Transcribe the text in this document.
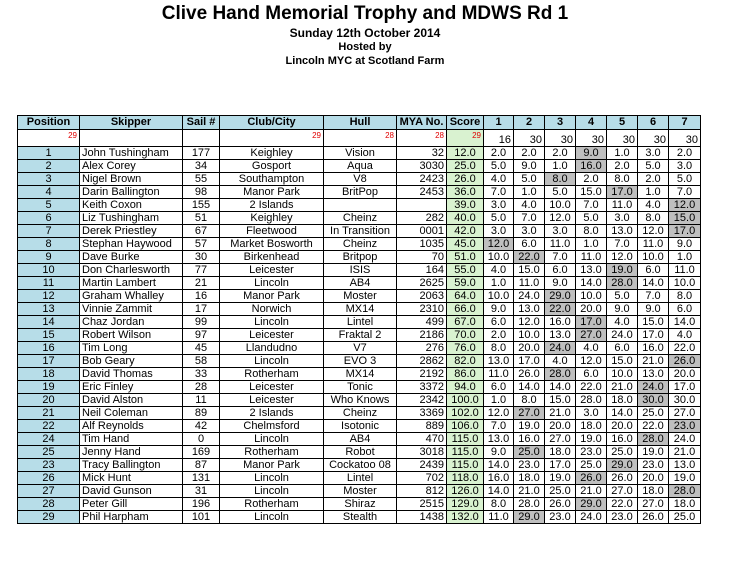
Clive Hand Memorial Trophy and MDWS Rd 1
Sunday 12th October 2014
Hosted by
Lincoln MYC at Scotland Farm
Position	Skipper	Sail #	Club/City	Hull	MYA No.	Score	1	2	3	4	5	6	7
29			29	28	28	29	16	30	30	30	30	30	30
1	John Tushingham	177	Keighley	Vision	32	12.0	2.0	2.0	2.0	9.0	1.0	3.0	2.0
2	Alex Corey	34	Gosport	Aqua	3030	25.0	5.0	9.0	1.0	16.0	2.0	5.0	3.0
3	Nigel Brown	55	Southampton	V8	2423	26.0	4.0	5.0	8.0	2.0	8.0	2.0	5.0
4	Darin Ballington	98	Manor Park	BritPop	2453	36.0	7.0	1.0	5.0	15.0	17.0	1.0	7.0
5	Keith Coxon	155	2 Islands			39.0	3.0	4.0	10.0	7.0	11.0	4.0	12.0
6	Liz Tushingham	51	Keighley	Cheinz	282	40.0	5.0	7.0	12.0	5.0	3.0	8.0	15.0
7	Derek Priestley	67	Fleetwood	In Transition	0001	42.0	3.0	3.0	3.0	8.0	13.0	12.0	17.0
8	Stephan Haywood	57	Market Bosworth	Cheinz	1035	45.0	12.0	6.0	11.0	1.0	7.0	11.0	9.0
9	Dave Burke	30	Birkenhead	Britpop	70	51.0	10.0	22.0	7.0	11.0	12.0	10.0	1.0
10	Don Charlesworth	77	Leicester	ISIS	164	55.0	4.0	15.0	6.0	13.0	19.0	6.0	11.0
11	Martin Lambert	21	Lincoln	AB4	2625	59.0	1.0	11.0	9.0	14.0	28.0	14.0	10.0
12	Graham Whalley	16	Manor Park	Moster	2063	64.0	10.0	24.0	29.0	10.0	5.0	7.0	8.0
13	Vinnie Zammit	17	Norwich	MX14	2310	66.0	9.0	13.0	22.0	20.0	9.0	9.0	6.0
14	Chaz Jordan	99	Lincoln	Lintel	499	67.0	6.0	12.0	16.0	17.0	4.0	15.0	14.0
15	Robert Wilson	97	Leicester	Fraktal 2	2186	70.0	2.0	10.0	13.0	27.0	24.0	17.0	4.0
16	Tim Long	45	Llandudno	V7	276	76.0	8.0	20.0	24.0	4.0	6.0	16.0	22.0
17	Bob Geary	58	Lincoln	EVO 3	2862	82.0	13.0	17.0	4.0	12.0	15.0	21.0	26.0
18	David Thomas	33	Rotherham	MX14	2192	86.0	11.0	26.0	28.0	6.0	10.0	13.0	20.0
19	Eric Finley	28	Leicester	Tonic	3372	94.0	6.0	14.0	14.0	22.0	21.0	24.0	17.0
20	David Alston	11	Leicester	Who Knows	2342	100.0	1.0	8.0	15.0	28.0	18.0	30.0	30.0
21	Neil Coleman	89	2 Islands	Cheinz	3369	102.0	12.0	27.0	21.0	3.0	14.0	25.0	27.0
22	Alf Reynolds	42	Chelmsford	Isotonic	889	106.0	7.0	19.0	20.0	18.0	20.0	22.0	23.0
24	Tim Hand	0	Lincoln	AB4	470	115.0	13.0	16.0	27.0	19.0	16.0	28.0	24.0
25	Jenny Hand	169	Rotherham	Robot	3018	115.0	9.0	25.0	18.0	23.0	25.0	19.0	21.0
23	Tracy Ballington	87	Manor Park	Cockatoo 08	2439	115.0	14.0	23.0	17.0	25.0	29.0	23.0	13.0
26	Mick Hunt	131	Lincoln	Lintel	702	118.0	16.0	18.0	19.0	26.0	26.0	20.0	19.0
27	David Gunson	31	Lincoln	Moster	812	126.0	14.0	21.0	25.0	21.0	27.0	18.0	28.0
28	Peter Gill	196	Rotherham	Shiraz	2515	129.0	8.0	28.0	26.0	29.0	22.0	27.0	18.0
29	Phil Harpham	101	Lincoln	Stealth	1438	132.0	11.0	29.0	23.0	24.0	23.0	26.0	25.0
